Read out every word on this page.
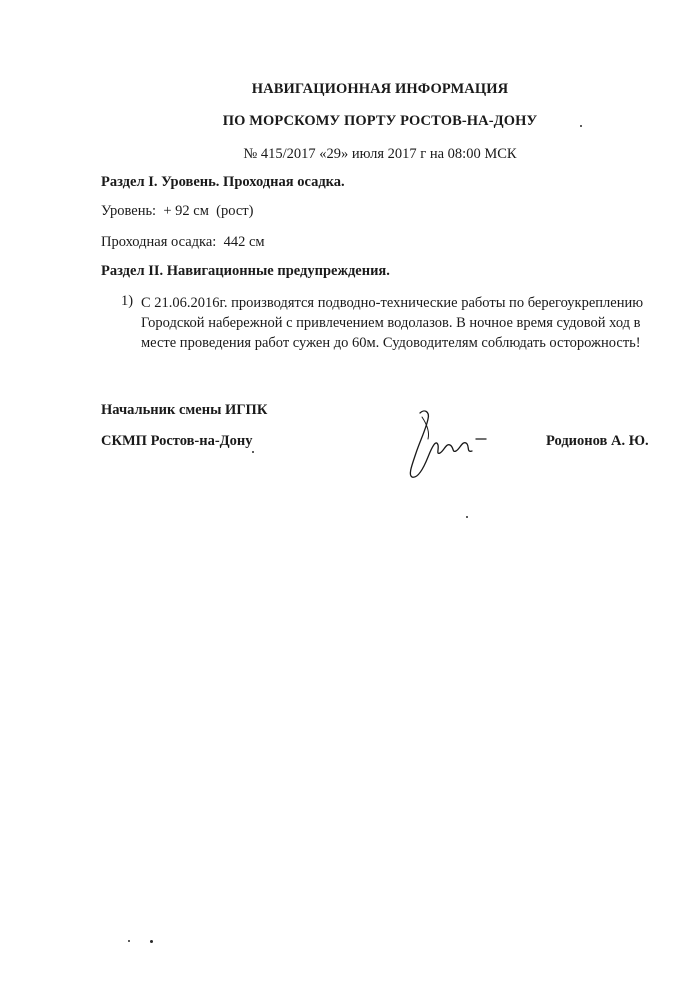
НАВИГАЦИОННАЯ ИНФОРМАЦИЯ
ПО МОРСКОМУ ПОРТУ РОСТОВ-НА-ДОНУ
№ 415/2017 «29» июля 2017 г на 08:00 МСК
Раздел I. Уровень. Проходная осадка.
Уровень:  + 92 см  (рост)
Проходная осадка:  442 см
Раздел II. Навигационные предупреждения.
1) С 21.06.2016г. производятся подводно-технические работы по берегоукреплению Городской набережной с привлечением водолазов. В ночное время судовой ход в месте проведения работ сужен до 60м. Судоводителям соблюдать осторожность!
Начальник смены ИГПК
СКМП Ростов-на-Дону	Родионов А. Ю.
